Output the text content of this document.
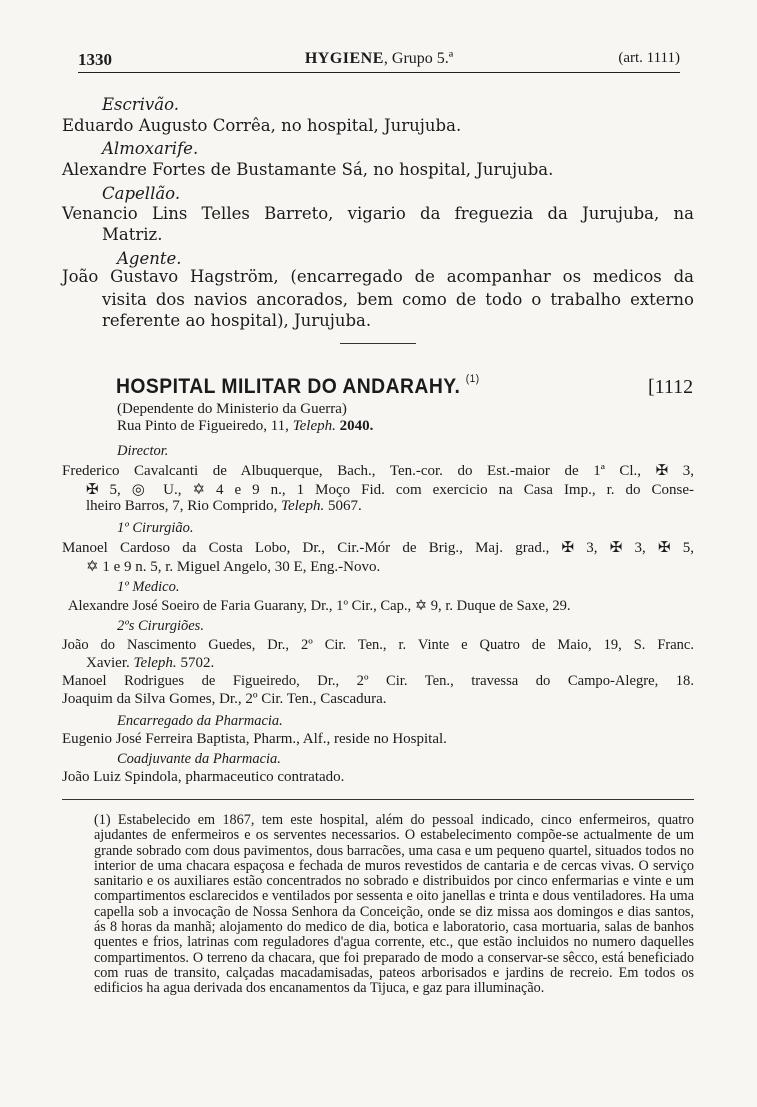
1330	HYGIENE, Grupo 5.ª	(art. 1111)
Escrivão.
Eduardo Augusto Corrêa, no hospital, Jurujuba.
Almoxarife.
Alexandre Fortes de Bustamante Sá, no hospital, Jurujuba.
Capellão.
Venancio Lins Telles Barreto, vigario da freguezia da Jurujuba, na
Matriz.
Agente.
João Gustavo Hagström, (encarregado de acompanhar os medicos da
visita dos navios ancorados, bem como de todo o trabalho externo
referente ao hospital), Jurujuba.
HOSPITAL MILITAR DO ANDARAHY. $^{(1)}$	[1112
(Dependente do Ministerio da Guerra)
Rua Pinto de Figueiredo, 11, Teleph. 2040.
Director.
Frederico Cavalcanti de Albuquerque, Bach., Ten.-cor. do Est.-maior de 1ª Cl., ✠ 3,
✠ 5, ◎ U., ✡ 4 e 9 n., 1 Moço Fid. com exercicio na Casa Imp., r. do Conse-
lheiro Barros, 7, Rio Comprido, Teleph. 5067.
1º Cirurgião.
Manoel Cardoso da Costa Lobo, Dr., Cir.-Mór de Brig., Maj. grad., ✠ 3, ✠ 3, ✠ 5,
✡ 1 e 9 n. 5, r. Miguel Angelo, 30 E, Eng.-Novo.
1º Medico.
Alexandre José Soeiro de Faria Guarany, Dr., 1º Cir., Cap., ✡ 9, r. Duque de Saxe, 29.
2ºs Cirurgiões.
João do Nascimento Guedes, Dr., 2º Cir. Ten., r. Vinte e Quatro de Maio, 19, S. Franc.
Xavier. Teleph. 5702.
Manoel Rodrigues de Figueiredo, Dr., 2º Cir. Ten., travessa do Campo-Alegre, 18.
Joaquim da Silva Gomes, Dr., 2º Cir. Ten., Cascadura.
Encarregado da Pharmacia.
Eugenio José Ferreira Baptista, Pharm., Alf., reside no Hospital.
Coadjuvante da Pharmacia.
João Luiz Spindola, pharmaceutico contratado.
(1) Estabelecido em 1867, tem este hospital, além do pessoal indicado, cinco enfermeiros, quatro ajudantes de enfermeiros e os serventes necessarios. O estabelecimento compõe-se actualmente de um grande sobrado com dous pavimentos, dous barracões, uma casa e um pequeno quartel, situados todos no interior de uma chacara espaçosa e fechada de muros revestidos de cantaria e de cercas vivas. O serviço sanitario e os auxiliares estão concentrados no sobrado e distribuidos por cinco enfermarias e vinte e um compartimentos esclarecidos e ventilados por sessenta e oito janellas e trinta e dous ventiladores. Ha uma capella sob a invocação de Nossa Senhora da Conceição, onde se diz missa aos domingos e dias santos, ás 8 horas da manhã; alojamento do medico de dia, botica e laboratorio, casa mortuaria, salas de banhos quentes e frios, latrinas com reguladores d'agua corrente, etc., que estão incluidos no numero daquelles compartimentos. O terreno da chacara, que foi preparado de modo a conservar-se sêcco, está beneficiado com ruas de transito, calçadas macadamisadas, pateos arborisados e jardins de recreio. Em todos os edificios ha agua derivada dos encanamentos da Tijuca, e gaz para illuminação.
